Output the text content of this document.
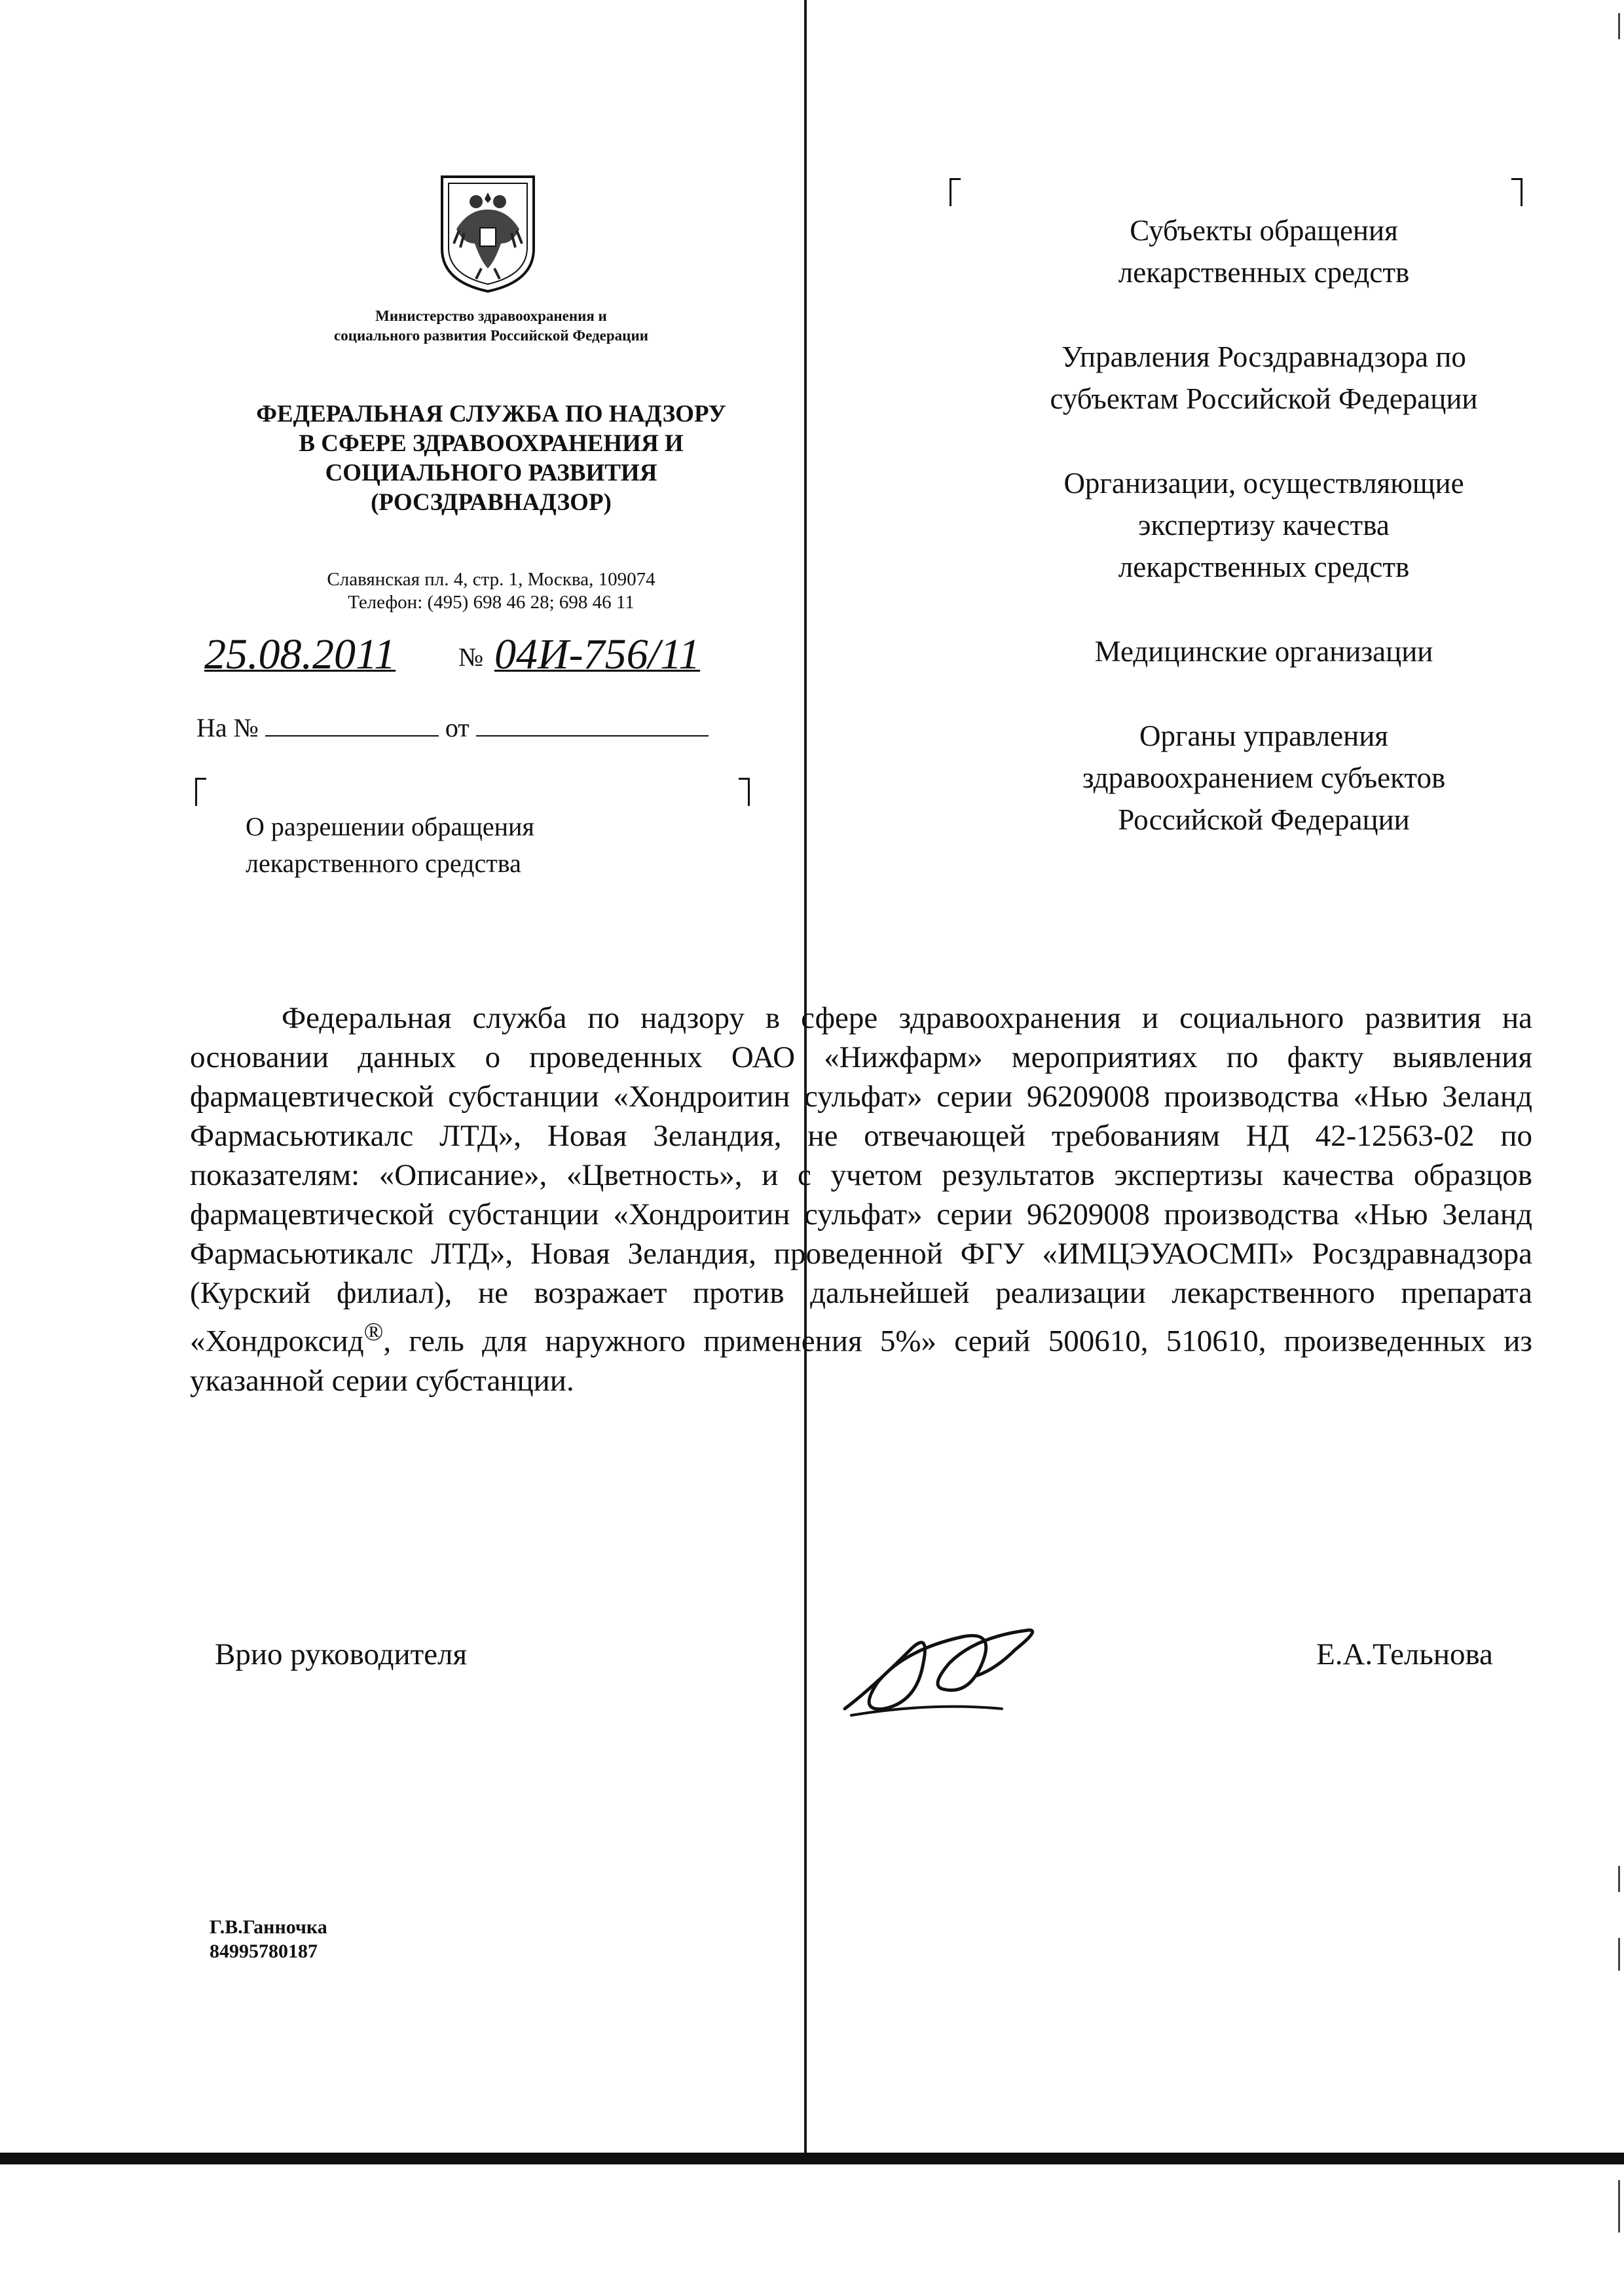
Министерство здравоохранения и
социального развития Российской Федерации
ФЕДЕРАЛЬНАЯ СЛУЖБА ПО НАДЗОРУ
В СФЕРЕ ЗДРАВООХРАНЕНИЯ И
СОЦИАЛЬНОГО РАЗВИТИЯ
(РОСЗДРАВНАДЗОР)
Славянская пл. 4, стр. 1, Москва, 109074
Телефон: (495) 698 46 28; 698 46 11
25.08.2011 № 04И-756/11
На №	от
О разрешении обращения
лекарственного средства
Субъекты обращения
лекарственных средств
Управления Росздравнадзора по
субъектам Российской Федерации
Организации, осуществляющие
экспертизу качества
лекарственных средств
Медицинские организации
Органы управления
здравоохранением субъектов
Российской Федерации
Федеральная служба по надзору в сфере здравоохранения и социального развития на основании данных о проведенных ОАО «Нижфарм» мероприятиях по факту выявления фармацевтической субстанции «Хондроитин сульфат» серии 96209008 производства «Нью Зеланд Фармасьютикалс ЛТД», Новая Зеландия, не отвечающей требованиям НД 42-12563-02 по показателям: «Описание», «Цветность», и с учетом результатов экспертизы качества образцов фармацевтической субстанции «Хондроитин сульфат» серии 96209008 производства «Нью Зеланд Фармасьютикалс ЛТД», Новая Зеландия, проведенной ФГУ «ИМЦЭУАОСМП» Росздравнадзора (Курский филиал), не возражает против дальнейшей реализации лекарственного препарата «Хондроксид®, гель для наружного применения 5%» серий 500610, 510610, произведенных из указанной серии субстанции.
Врио руководителя	Е.А.Тельнова
Г.В.Ганночка
84995780187
